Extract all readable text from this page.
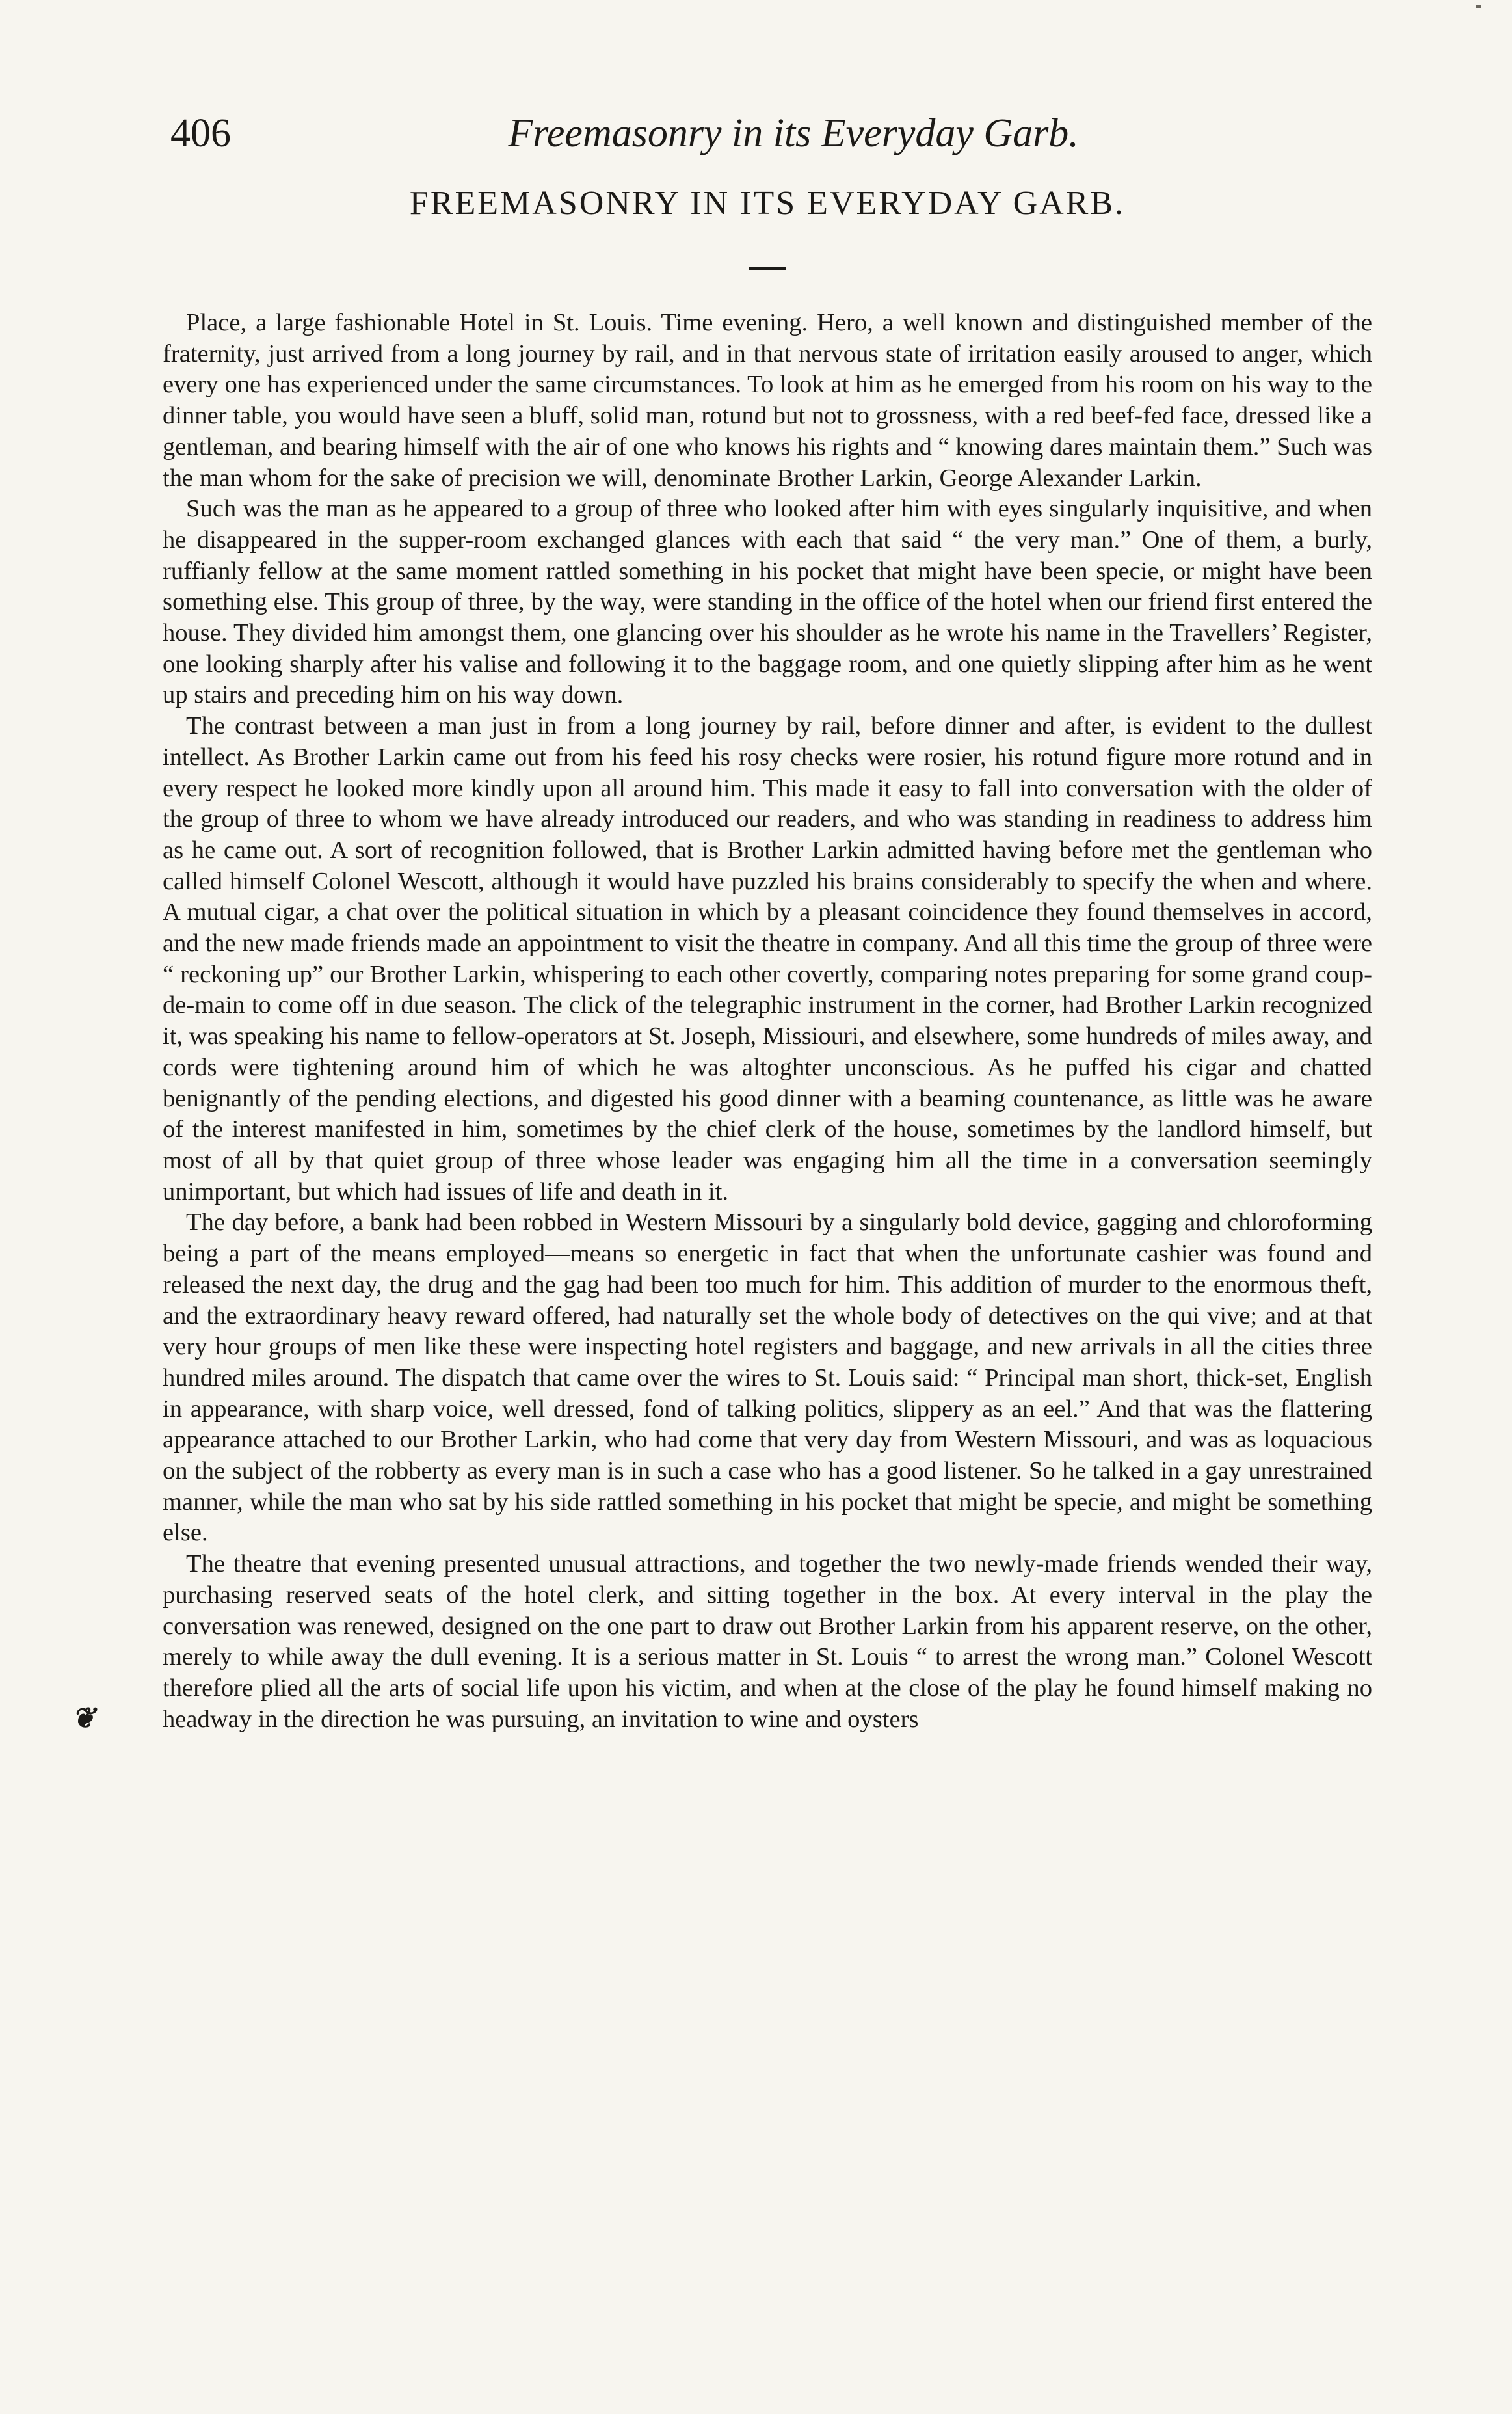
406	Freemasonry in its Everyday Garb.
FREEMASONRY IN ITS EVERYDAY GARB.

Place, a large fashionable Hotel in St. Louis. Time evening. Hero, a well known and distinguished member of the fraternity, just arrived from a long journey by rail, and in that nervous state of irritation easily aroused to anger, which every one has experienced under the same circumstances. To look at him as he emerged from his room on his way to the dinner table, you would have seen a bluff, solid man, rotund but not to grossness, with a red beef-fed face, dressed like a gentleman, and bearing himself with the air of one who knows his rights and “ knowing dares maintain them.” Such was the man whom for the sake of precision we will, denominate Brother Larkin, George Alexander Larkin.

Such was the man as he appeared to a group of three who looked after him with eyes singularly inquisitive, and when he disappeared in the supper-room exchanged glances with each that said “ the very man.” One of them, a burly, ruffianly fellow at the same moment rattled something in his pocket that might have been specie, or might have been something else. This group of three, by the way, were standing in the office of the hotel when our friend first entered the house. They divided him amongst them, one glancing over his shoulder as he wrote his name in the Travellers’ Register, one looking sharply after his valise and following it to the baggage room, and one quietly slipping after him as he went up stairs and preceding him on his way down.

The contrast between a man just in from a long journey by rail, before dinner and after, is evident to the dullest intellect. As Brother Larkin came out from his feed his rosy checks were rosier, his rotund figure more rotund and in every respect he looked more kindly upon all around him. This made it easy to fall into conversation with the older of the group of three to whom we have already introduced our readers, and who was standing in readiness to address him as he came out. A sort of recognition followed, that is Brother Larkin admitted having before met the gentleman who called himself Colonel Wescott, although it would have puzzled his brains considerably to specify the when and where. A mutual cigar, a chat over the political situation in which by a pleasant coincidence they found themselves in accord, and the new made friends made an appointment to visit the theatre in company. And all this time the group of three were “ reckoning up” our Brother Larkin, whispering to each other covertly, comparing notes preparing for some grand coup-de-main to come off in due season. The click of the telegraphic instrument in the corner, had Brother Larkin recognized it, was speaking his name to fellow-operators at St. Joseph, Missiouri, and elsewhere, some hundreds of miles away, and cords were tightening around him of which he was altoghter unconscious. As he puffed his cigar and chatted benignantly of the pending elections, and digested his good dinner with a beaming countenance, as little was he aware of the interest manifested in him, sometimes by the chief clerk of the house, sometimes by the landlord himself, but most of all by that quiet group of three whose leader was engaging him all the time in a conversation seemingly unimportant, but which had issues of life and death in it.

The day before, a bank had been robbed in Western Missouri by a singularly bold device, gagging and chloroforming being a part of the means employed—means so energetic in fact that when the unfortunate cashier was found and released the next day, the drug and the gag had been too much for him. This addition of murder to the enormous theft, and the extraordinary heavy reward offered, had naturally set the whole body of detectives on the qui vive; and at that very hour groups of men like these were inspecting hotel registers and baggage, and new arrivals in all the cities three hundred miles around. The dispatch that came over the wires to St. Louis said: “ Principal man short, thick-set, English in appearance, with sharp voice, well dressed, fond of talking politics, slippery as an eel.” And that was the flattering appearance attached to our Brother Larkin, who had come that very day from Western Missouri, and was as loquacious on the subject of the robberty as every man is in such a case who has a good listener. So he talked in a gay unrestrained manner, while the man who sat by his side rattled something in his pocket that might be specie, and might be something else.

The theatre that evening presented unusual attractions, and together the two newly-made friends wended their way, purchasing reserved seats of the hotel clerk, and sitting together in the box. At every interval in the play the conversation was renewed, designed on the one part to draw out Brother Larkin from his apparent reserve, on the other, merely to while away the dull evening. It is a serious matter in St. Louis “ to arrest the wrong man.” Colonel Wescott therefore plied all the arts of social life upon his victim, and when at the close of the play he found himself making no headway in the direction he was pursuing, an invitation to wine and oysters

❦
